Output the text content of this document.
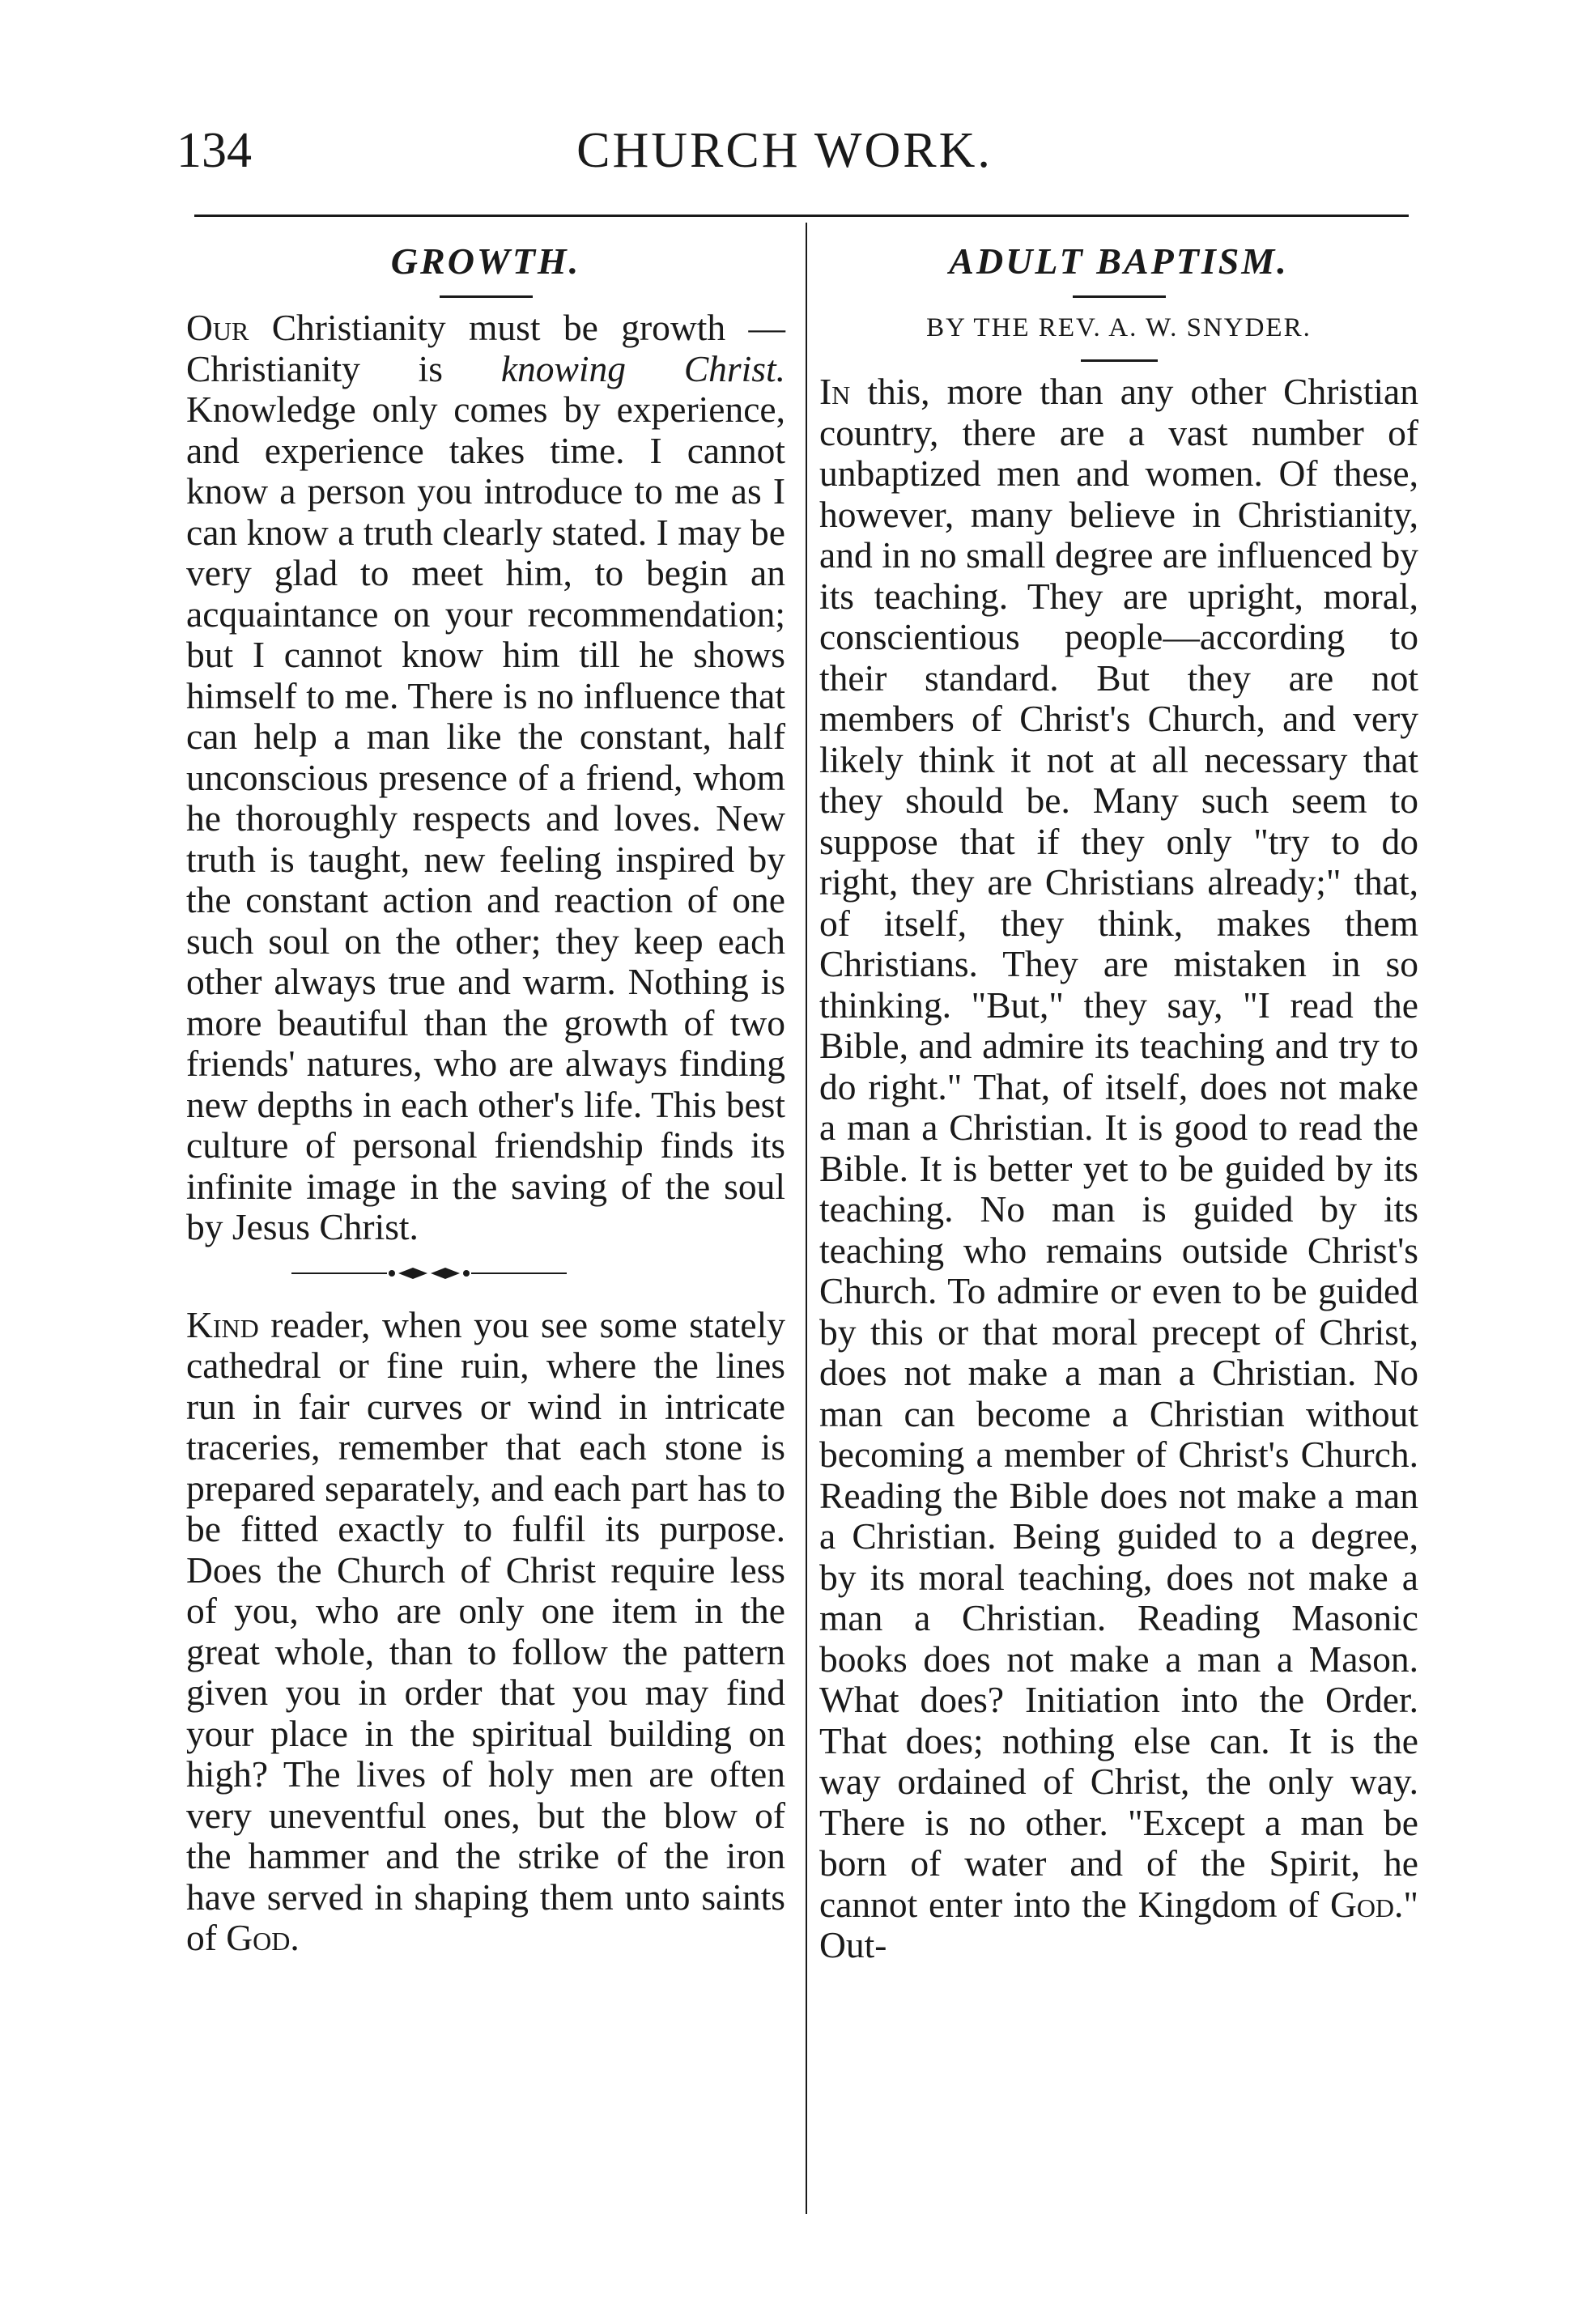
134	CHURCH WORK.
GROWTH.

Our Christianity must be growth —Christianity is knowing Christ. Knowledge only comes by experience, and experience takes time. I cannot know a person you introduce to me as I can know a truth clearly stated. I may be very glad to meet him, to begin an acquaintance on your recommendation; but I cannot know him till he shows himself to me. There is no influence that can help a man like the constant, half unconscious presence of a friend, whom he thoroughly respects and loves. New truth is taught, new feeling inspired by the constant action and reaction of one such soul on the other; they keep each other always true and warm. Nothing is more beautiful than the growth of two friends' natures, who are always finding new depths in each other's life. This best culture of personal friendship finds its infinite image in the saving of the soul by Jesus Christ.

Kind reader, when you see some stately cathedral or fine ruin, where the lines run in fair curves or wind in intricate traceries, remember that each stone is prepared separately, and each part has to be fitted exactly to fulfil its purpose. Does the Church of Christ require less of you, who are only one item in the great whole, than to follow the pattern given you in order that you may find your place in the spiritual building on high? The lives of holy men are often very uneventful ones, but the blow of the hammer and the strike of the iron have served in shaping them unto saints of God.

ADULT BAPTISM.

BY THE REV. A. W. SNYDER.

In this, more than any other Christian country, there are a vast number of unbaptized men and women. Of these, however, many believe in Christianity, and in no small degree are influenced by its teaching. They are upright, moral, conscientious people—according to their standard. But they are not members of Christ's Church, and very likely think it not at all necessary that they should be. Many such seem to suppose that if they only "try to do right, they are Christians already;" that, of itself, they think, makes them Christians. They are mistaken in so thinking. "But," they say, "I read the Bible, and admire its teaching and try to do right." That, of itself, does not make a man a Christian. It is good to read the Bible. It is better yet to be guided by its teaching. No man is guided by its teaching who remains outside Christ's Church. To admire or even to be guided by this or that moral precept of Christ, does not make a man a Christian. No man can become a Christian without becoming a member of Christ's Church. Reading the Bible does not make a man a Christian. Being guided to a degree, by its moral teaching, does not make a man a Christian. Reading Masonic books does not make a man a Mason. What does? Initiation into the Order. That does; nothing else can. It is the way ordained of Christ, the only way. There is no other. "Except a man be born of water and of the Spirit, he cannot enter into the Kingdom of God." Out-
